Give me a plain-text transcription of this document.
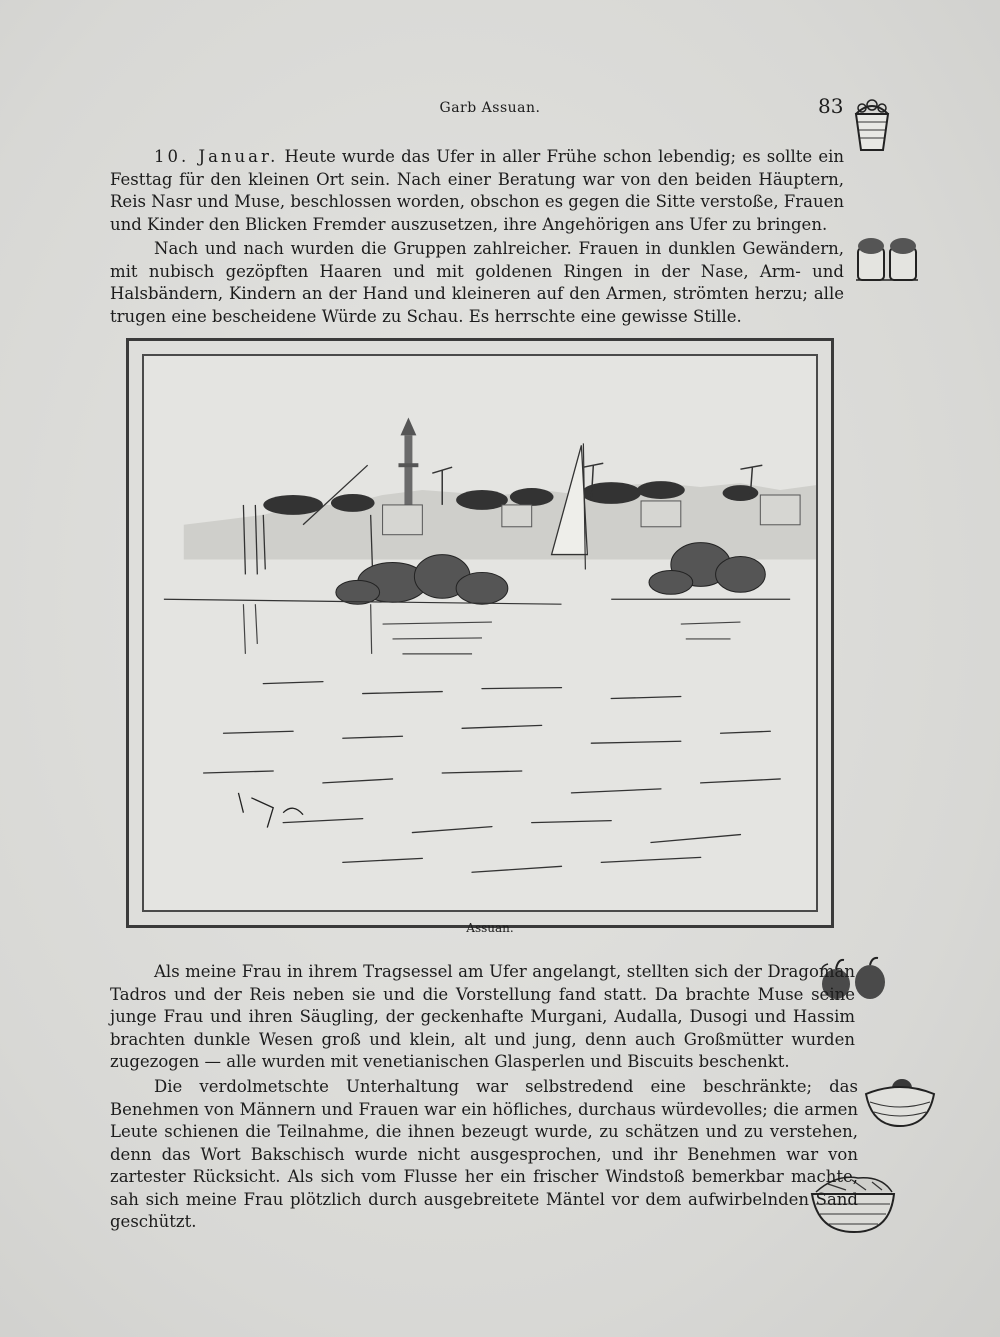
Garb Assuan.	83

10. Januar. Heute wurde das Ufer in aller Frühe schon lebendig; es sollte ein Festtag für den kleinen Ort sein. Nach einer Beratung war von den beiden Häuptern, Reis Nasr und Muse, beschlossen worden, obschon es gegen die Sitte verstoße, Frauen und Kinder den Blicken Fremder auszusetzen, ihre Angehörigen ans Ufer zu bringen.

Nach und nach wurden die Gruppen zahlreicher. Frauen in dunklen Gewändern, mit nubisch gezöpften Haaren und mit goldenen Ringen in der Nase, Arm- und Halsbändern, Kindern an der Hand und kleineren auf den Armen, strömten herzu; alle trugen eine bescheidene Würde zu Schau. Es herrschte eine gewisse Stille.

Assuan.

Als meine Frau in ihrem Tragsessel am Ufer angelangt, stellten sich der Dragoman Tadros und der Reis neben sie und die Vorstellung fand statt. Da brachte Muse seine junge Frau und ihren Säugling, der geckenhafte Murgani, Audalla, Dusogi und Hassim brachten dunkle Wesen groß und klein, alt und jung, denn auch Großmütter wurden zugezogen — alle wurden mit venetianischen Glasperlen und Biscuits beschenkt.

Die verdolmetschte Unterhaltung war selbstredend eine beschränkte; das Benehmen von Männern und Frauen war ein höfliches, durchaus würdevolles; die armen Leute schienen die Teilnahme, die ihnen bezeugt wurde, zu schätzen und zu verstehen, denn das Wort Bakschisch wurde nicht ausgesprochen, und ihr Benehmen war von zartester Rücksicht. Als sich vom Flusse her ein frischer Windstoß bemerkbar machte, sah sich meine Frau plötzlich durch ausgebreitete Mäntel vor dem aufwirbelnden Sand geschützt.
